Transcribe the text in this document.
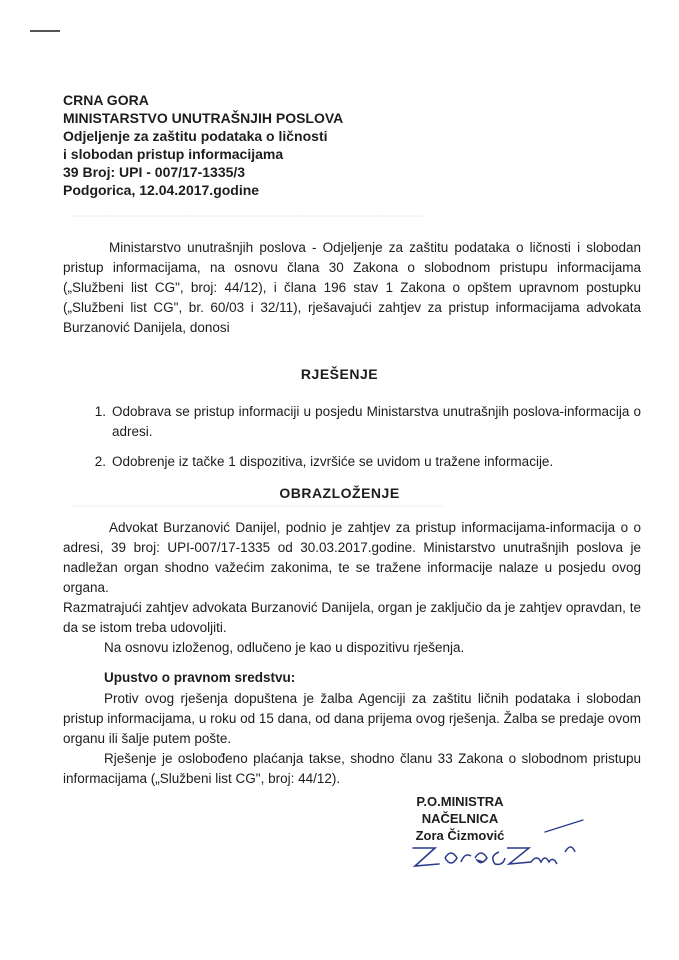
━━━━━━━━━━━━━━━━━━━━━━━━━━━━━━━━━━━━━━━━━━━━━━━━━━━━━
━━━━━━━━━━━━━━━━━━━━━━━━━━━━━━━━━━━━━━━━━━━━━━━━━━━━━━━━
CRNA GORA
MINISTARSTVO UNUTRAŠNJIH POSLOVA
Odjeljenje za zaštitu podataka o ličnosti
i slobodan pristup informacijama
39 Broj: UPI - 007/17-1335/3
Podgorica, 12.04.2017.godine
Ministarstvo unutrašnjih poslova - Odjeljenje za zaštitu podataka o ličnosti i slobodan pristup informacijama, na osnovu člana 30 Zakona o slobodnom pristupu informacijama („Službeni list CG", broj: 44/12), i člana 196 stav 1 Zakona o opštem upravnom postupku („Službeni list CG", br. 60/03 i 32/11), rješavajući zahtjev za pristup informacijama advokata Burzanović Danijela, donosi
RJEŠENJE
1. Odobrava se pristup informaciji u posjedu Ministarstva unutrašnjih poslova-informacija o adresi.
2. Odobrenje iz tačke 1 dispozitiva, izvršiće se uvidom u tražene informacije.
OBRAZLOŽENJE
Advokat Burzanović Danijel, podnio je zahtjev za pristup informacijama-informacija o o adresi, 39 broj: UPI-007/17-1335 od 30.03.2017.godine. Ministarstvo unutrašnjih poslova je nadležan organ shodno važećim zakonima, te se tražene informacije nalaze u posjedu ovog organa.
Razmatrajući zahtjev advokata Burzanović Danijela, organ je zaključio da je zahtjev opravdan, te da se istom treba udovoljiti.
Na osnovu izloženog, odlučeno je kao u dispozitivu rješenja.
Upustvo o pravnom sredstvu:
Protiv ovog rješenja dopuštena je žalba Agenciji za zaštitu ličnih podataka i slobodan pristup informacijama, u roku od 15 dana, od dana prijema ovog rješenja. Žalba se predaje ovom organu ili šalje putem pošte.
Rješenje je oslobođeno plaćanja takse, shodno članu 33 Zakona o slobodnom pristupu informacijama („Službeni list CG", broj: 44/12).
P.O.MINISTRA
NAČELNICA
Zora Čizmović
